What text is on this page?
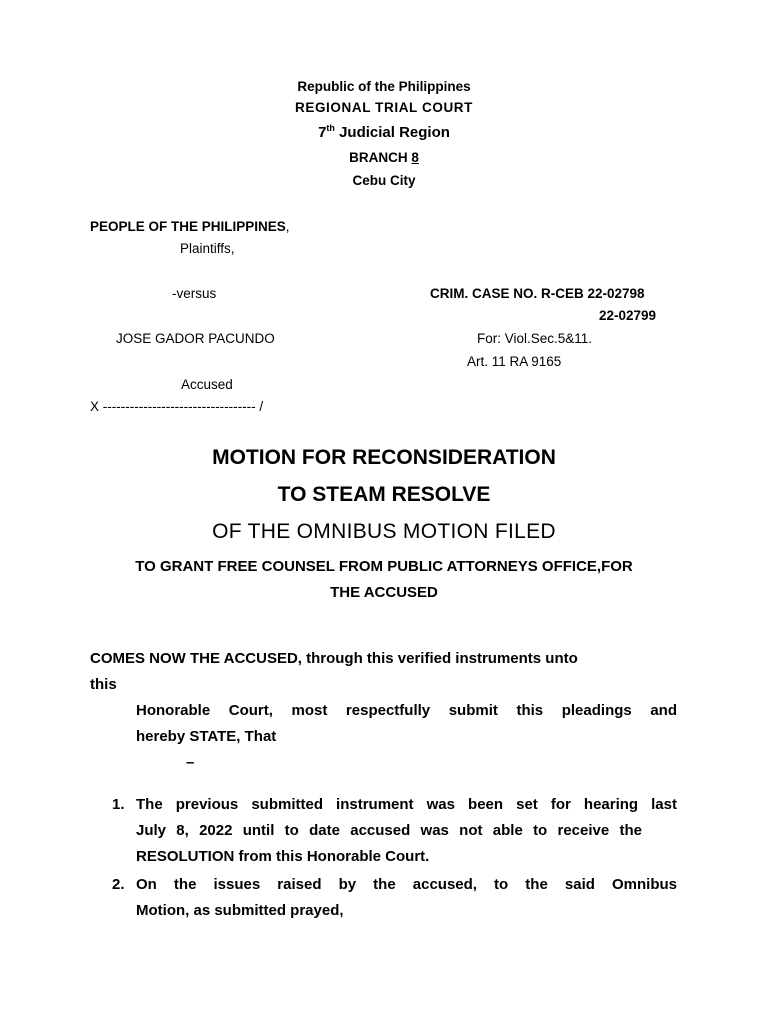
Republic of the Philippines
REGIONAL TRIAL COURT
7th Judicial Region
BRANCH 8
Cebu City
PEOPLE OF THE PHILIPPINES,
Plaintiffs,
-versus	CRIM. CASE NO. R-CEB 22-02798
22-02799
JOSE GADOR PACUNDO	For: Viol.Sec.5&11.
Art. 11 RA 9165
Accused
X ---------------------------------- /
MOTION FOR RECONSIDERATION
TO STEAM RESOLVE
OF THE OMNIBUS MOTION FILED
TO GRANT FREE COUNSEL FROM PUBLIC ATTORNEYS OFFICE,FOR
THE ACCUSED
COMES NOW THE ACCUSED, through this verified instruments unto
this
Honorable Court, most respectfully submit this pleadings and
hereby STATE, That
–
1. The previous submitted instrument was been set for hearing last
July 8, 2022 until to date accused was not able to receive the
RESOLUTION from this Honorable Court.
2. On the issues raised by the accused, to the said Omnibus
Motion, as submitted prayed,
